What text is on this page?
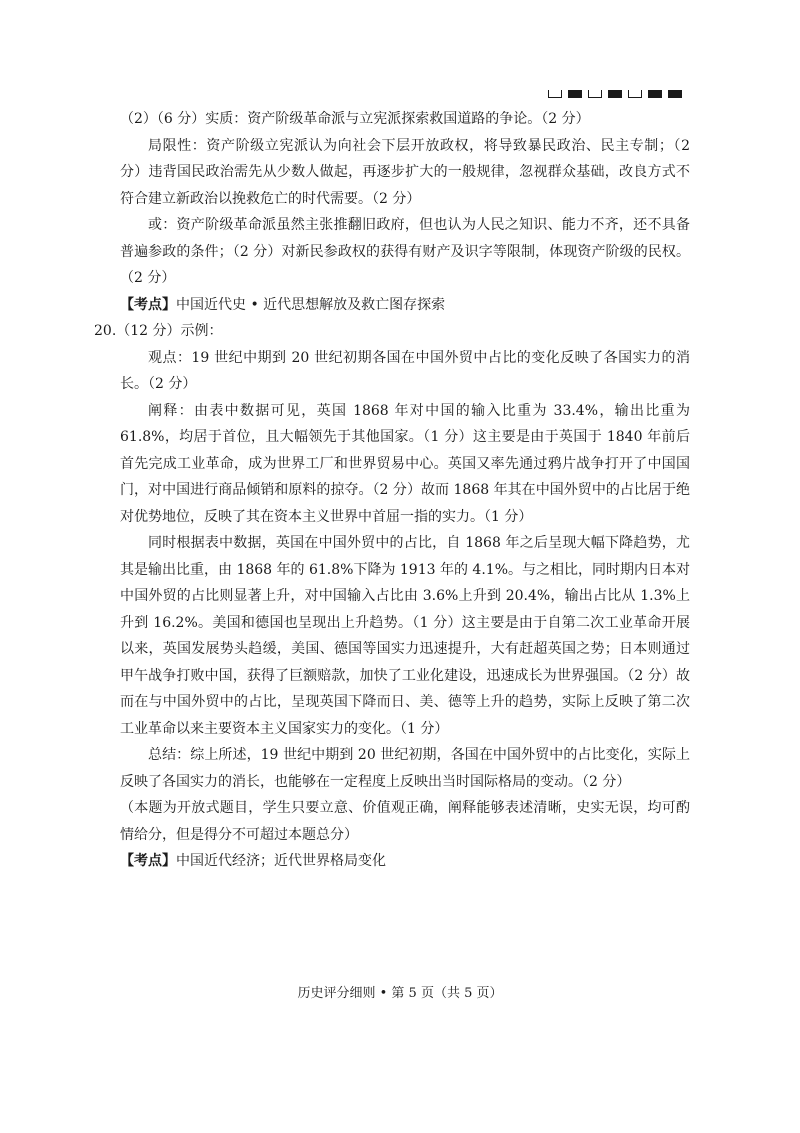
（2）（6 分）实质：资产阶级革命派与立宪派探索救国道路的争论。（2 分）

局限性：资产阶级立宪派认为向社会下层开放政权，将导致暴民政治、民主专制；（2 分）违背国民政治需先从少数人做起，再逐步扩大的一般规律，忽视群众基础，改良方式不符合建立新政治以挽救危亡的时代需要。（2 分）

或：资产阶级革命派虽然主张推翻旧政府，但也认为人民之知识、能力不齐，还不具备普遍参政的条件；（2 分）对新民参政权的获得有财产及识字等限制，体现资产阶级的民权。（2 分）

【考点】中国近代史 • 近代思想解放及救亡图存探索

20.（12 分）示例：

观点：19 世纪中期到 20 世纪初期各国在中国外贸中占比的变化反映了各国实力的消长。（2 分）

阐释：由表中数据可见，英国 1868 年对中国的输入比重为 33.4%，输出比重为 61.8%，均居于首位，且大幅领先于其他国家。（1 分）这主要是由于英国于 1840 年前后首先完成工业革命，成为世界工厂和世界贸易中心。英国又率先通过鸦片战争打开了中国国门，对中国进行商品倾销和原料的掠夺。（2 分）故而 1868 年其在中国外贸中的占比居于绝对优势地位，反映了其在资本主义世界中首屈一指的实力。（1 分）

同时根据表中数据，英国在中国外贸中的占比，自 1868 年之后呈现大幅下降趋势，尤其是输出比重，由 1868 年的 61.8%下降为 1913 年的 4.1%。与之相比，同时期内日本对中国外贸的占比则显著上升，对中国输入占比由 3.6%上升到 20.4%，输出占比从 1.3%上升到 16.2%。美国和德国也呈现出上升趋势。（1 分）这主要是由于自第二次工业革命开展以来，英国发展势头趋缓，美国、德国等国实力迅速提升，大有赶超英国之势；日本则通过甲午战争打败中国，获得了巨额赔款，加快了工业化建设，迅速成长为世界强国。（2 分）故而在与中国外贸中的占比，呈现英国下降而日、美、德等上升的趋势，实际上反映了第二次工业革命以来主要资本主义国家实力的变化。（1 分）

总结：综上所述，19 世纪中期到 20 世纪初期，各国在中国外贸中的占比变化，实际上反映了各国实力的消长，也能够在一定程度上反映出当时国际格局的变动。（2 分）

（本题为开放式题目，学生只要立意、价值观正确，阐释能够表述清晰，史实无误，均可酌情给分，但是得分不可超过本题总分）

【考点】中国近代经济；近代世界格局变化

历史评分细则 • 第 5 页（共 5 页）
